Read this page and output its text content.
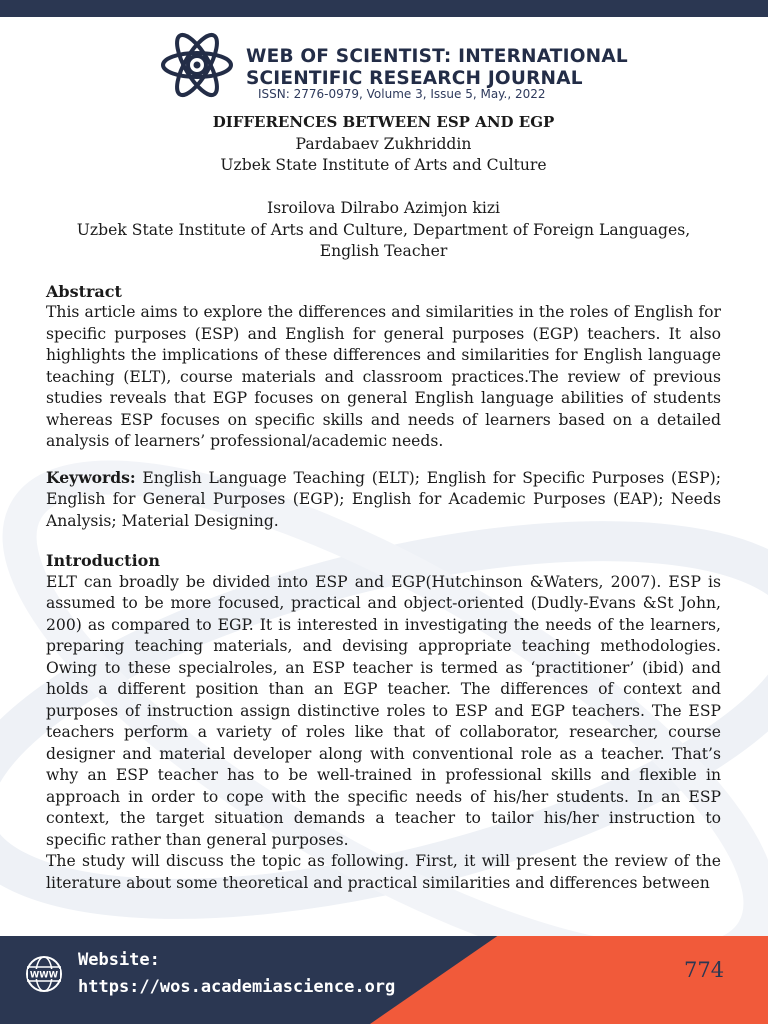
WEB OF SCIENTIST: INTERNATIONAL
SCIENTIFIC RESEARCH JOURNAL
ISSN: 2776-0979, Volume 3, Issue 5, May., 2022
DIFFERENCES BETWEEN ESP AND EGP
Pardabaev Zukhriddin
Uzbek State Institute of Arts and Culture
Isroilova Dilrabo Azimjon kizi
Uzbek State Institute of Arts and Culture, Department of Foreign Languages,
English Teacher
Abstract
This article aims to explore the differences and similarities in the roles of English for specific purposes (ESP) and English for general purposes (EGP) teachers. It also highlights the implications of these differences and similarities for English language teaching (ELT), course materials and classroom practices.The review of previous studies reveals that EGP focuses on general English language abilities of students whereas ESP focuses on specific skills and needs of learners based on a detailed analysis of learners’ professional/academic needs.
Keywords: English Language Teaching (ELT); English for Specific Purposes (ESP); English for General Purposes (EGP); English for Academic Purposes (EAP); Needs Analysis; Material Designing.
Introduction
ELT can broadly be divided into ESP and EGP(Hutchinson &Waters, 2007). ESP is assumed to be more focused, practical and object-oriented (Dudly-Evans &St John, 200) as compared to EGP. It is interested in investigating the needs of the learners, preparing teaching materials, and devising appropriate teaching methodologies. Owing to these specialroles, an ESP teacher is termed as ‘practitioner’ (ibid) and holds a different position than an EGP teacher. The differences of context and purposes of instruction assign distinctive roles to ESP and EGP teachers. The ESP teachers perform a variety of roles like that of collaborator, researcher, course designer and material developer along with conventional role as a teacher. That’s why an ESP teacher has to be well-trained in professional skills and flexible in approach in order to cope with the specific needs of his/her students. In an ESP context, the target situation demands a teacher to tailor his/her instruction to specific rather than general purposes.
The study will discuss the topic as following. First, it will present the review of the literature about some theoretical and practical similarities and differences between
WWW
Website:
https://wos.academiascience.org
774
